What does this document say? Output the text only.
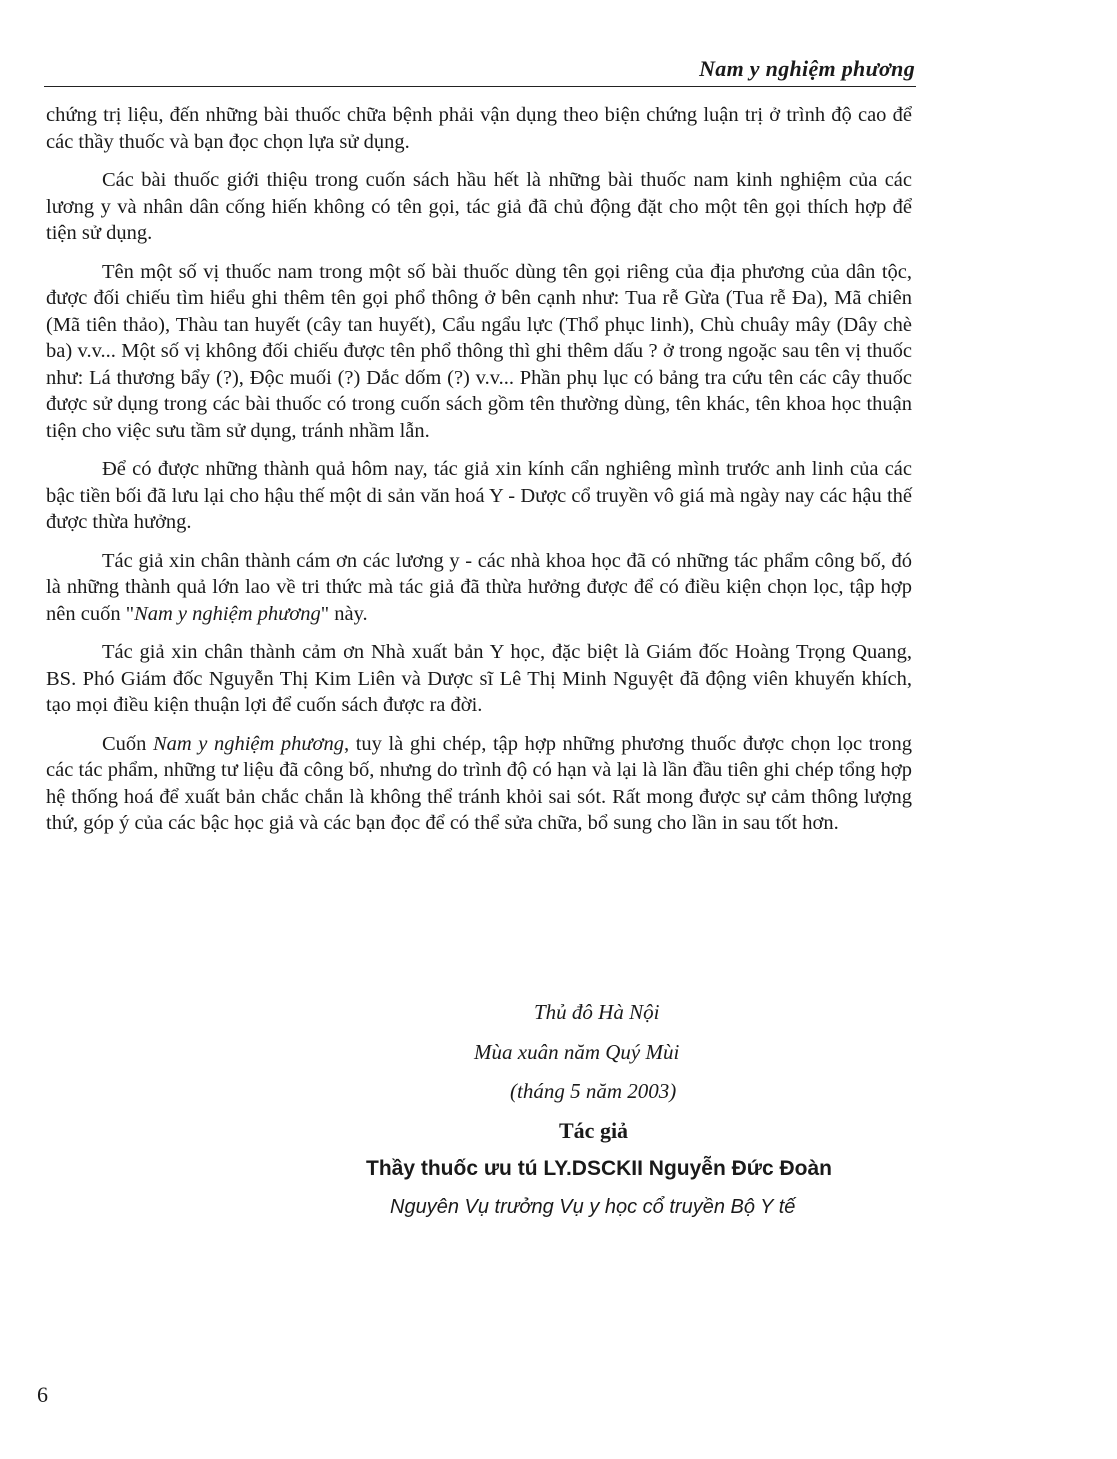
Nam y nghiệm phương

chứng trị liệu, đến những bài thuốc chữa bệnh phải vận dụng theo biện chứng luận trị ở trình độ cao để các thầy thuốc và bạn đọc chọn lựa sử dụng.

Các bài thuốc giới thiệu trong cuốn sách hầu hết là những bài thuốc nam kinh nghiệm của các lương y và nhân dân cống hiến không có tên gọi, tác giả đã chủ động đặt cho một tên gọi thích hợp để tiện sử dụng.

Tên một số vị thuốc nam trong một số bài thuốc dùng tên gọi riêng của địa phương của dân tộc, được đối chiếu tìm hiểu ghi thêm tên gọi phổ thông ở bên cạnh như: Tua rễ Gừa (Tua rễ Đa), Mã chiên (Mã tiên thảo), Thàu tan huyết (cây tan huyết), Cẩu ngẩu lực (Thổ phục linh), Chù chuây mây (Dây chè ba) v.v... Một số vị không đối chiếu được tên phổ thông thì ghi thêm dấu ? ở trong ngoặc sau tên vị thuốc như: Lá thương bẩy (?), Độc muối (?) Dắc dốm (?) v.v... Phần phụ lục có bảng tra cứu tên các cây thuốc được sử dụng trong các bài thuốc có trong cuốn sách gồm tên thường dùng, tên khác, tên khoa học thuận tiện cho việc sưu tầm sử dụng, tránh nhầm lẫn.

Để có được những thành quả hôm nay, tác giả xin kính cẩn nghiêng mình trước anh linh của các bậc tiền bối đã lưu lại cho hậu thế một di sản văn hoá Y - Dược cổ truyền vô giá mà ngày nay các hậu thế được thừa hưởng.

Tác giả xin chân thành cám ơn các lương y - các nhà khoa học đã có những tác phẩm công bố, đó là những thành quả lớn lao về tri thức mà tác giả đã thừa hưởng được để có điều kiện chọn lọc, tập hợp nên cuốn "Nam y nghiệm phương" này.

Tác giả xin chân thành cảm ơn Nhà xuất bản Y học, đặc biệt là Giám đốc Hoàng Trọng Quang, BS. Phó Giám đốc Nguyễn Thị Kim Liên và Dược sĩ Lê Thị Minh Nguyệt đã động viên khuyến khích, tạo mọi điều kiện thuận lợi để cuốn sách được ra đời.

Cuốn Nam y nghiệm phương, tuy là ghi chép, tập hợp những phương thuốc được chọn lọc trong các tác phẩm, những tư liệu đã công bố, nhưng do trình độ có hạn và lại là lần đầu tiên ghi chép tổng hợp hệ thống hoá để xuất bản chắc chắn là không thể tránh khỏi sai sót. Rất mong được sự cảm thông lượng thứ, góp ý của các bậc học giả và các bạn đọc để có thể sửa chữa, bổ sung cho lần in sau tốt hơn.

Thủ đô Hà Nội
Mùa xuân năm Quý Mùi
(tháng 5 năm 2003)
Tác giả
Thầy thuốc ưu tú LY.DSCKII Nguyễn Đức Đoàn
Nguyên Vụ trưởng Vụ y học cổ truyền Bộ Y tế
6
